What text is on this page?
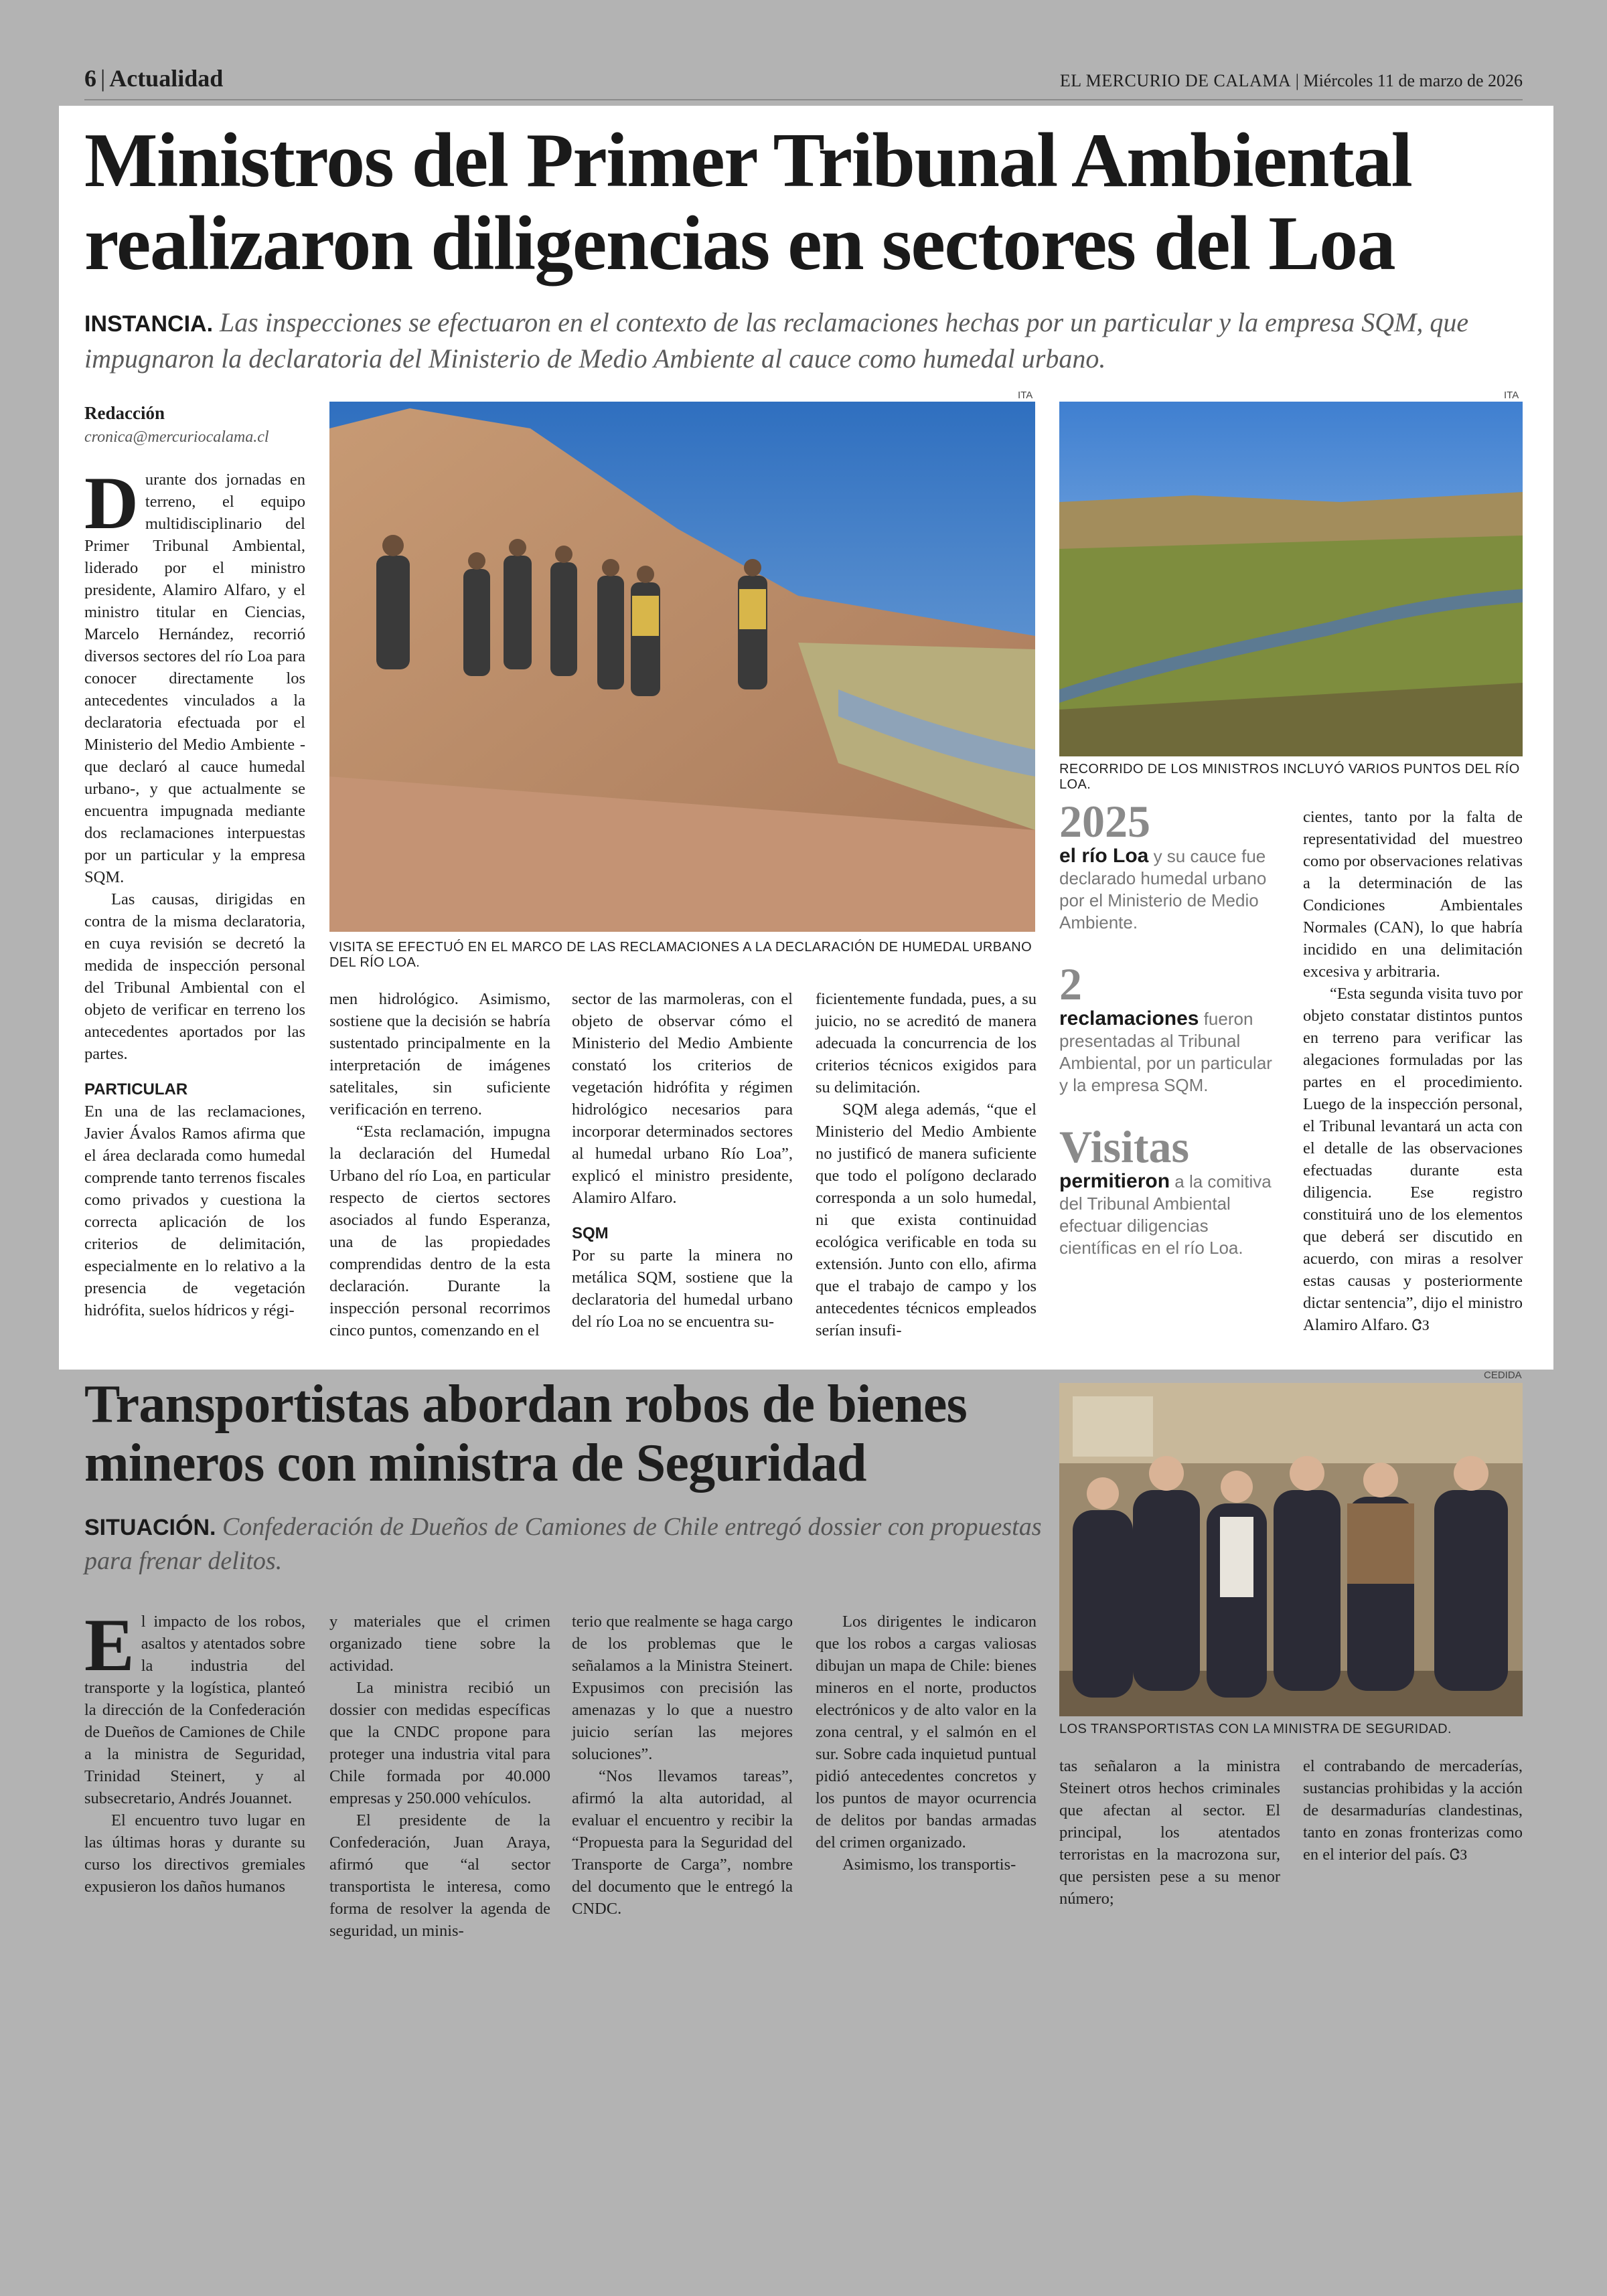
6 | Actualidad	EL MERCURIO DE CALAMA | Miércoles 11 de marzo de 2026
Ministros del Primer Tribunal Ambiental realizaron diligencias en sectores del Loa
INSTANCIA. Las inspecciones se efectuaron en el contexto de las reclamaciones hechas por un particular y la empresa SQM, que impugnaron la declaratoria del Ministerio de Medio Ambiente al cauce como humedal urbano.
Redacción
cronica@mercuriocalama.cl

Durante dos jornadas en terreno, el equipo multidisciplinario del Primer Tribunal Ambiental, liderado por el ministro presidente, Alamiro Alfaro, y el ministro titular en Ciencias, Marcelo Hernández, recorrió diversos sectores del río Loa para conocer directamente los antecedentes vinculados a la declaratoria efectuada por el Ministerio del Medio Ambiente -que declaró al cauce humedal urbano-, y que actualmente se encuentra impugnada mediante dos reclamaciones interpuestas por un particular y la empresa SQM.

Las causas, dirigidas en contra de la misma declaratoria, en cuya revisión se decretó la medida de inspección personal del Tribunal Ambiental con el objeto de verificar en terreno los antecedentes aportados por las partes.

PARTICULAR

En una de las reclamaciones, Javier Ávalos Ramos afirma que el área declarada como humedal comprende tanto terrenos fiscales como privados y cuestiona la correcta aplicación de los criterios de delimitación, especialmente en lo relativo a la presencia de vegetación hidrófita, suelos hídricos y régi-

ITA
VISITA SE EFECTUÓ EN EL MARCO DE LAS RECLAMACIONES A LA DECLARACIÓN DE HUMEDAL URBANO DEL RÍO LOA.
ITA
RECORRIDO DE LOS MINISTROS INCLUYÓ VARIOS PUNTOS DEL RÍO LOA.

men hidrológico. Asimismo, sostiene que la decisión se habría sustentado principalmente en la interpretación de imágenes satelitales, sin suficiente verificación en terreno.

“Esta reclamación, impugna la declaración del Humedal Urbano del río Loa, en particular respecto de ciertos sectores asociados al fundo Esperanza, una de las propiedades comprendidas dentro de la esta declaración. Durante la inspección personal recorrimos cinco puntos, comenzando en el

sector de las marmoleras, con el objeto de observar cómo el Ministerio del Medio Ambiente constató los criterios de vegetación hidrófita y régimen hidrológico necesarios para incorporar determinados sectores al humedal urbano Río Loa”, explicó el ministro presidente, Alamiro Alfaro.

SQM

Por su parte la minera no metálica SQM, sostiene que la declaratoria del humedal urbano del río Loa no se encuentra su-

ficientemente fundada, pues, a su juicio, no se acreditó de manera adecuada la concurrencia de los criterios técnicos exigidos para su delimitación.

SQM alega además, “que el Ministerio del Medio Ambiente no justificó de manera suficiente que todo el polígono declarado corresponda a un solo humedal, ni que exista continuidad ecológica verificable en toda su extensión. Junto con ello, afirma que el trabajo de campo y los antecedentes técnicos empleados serían insufi-

2025
el río Loa y su cauce fue declarado humedal urbano por el Ministerio de Medio Ambiente.
2
reclamaciones fueron presentadas al Tribunal Ambiental, por un particular y la empresa SQM.
Visitas
permitieron a la comitiva del Tribunal Ambiental efectuar diligencias científicas en el río Loa.

cientes, tanto por la falta de representatividad del muestreo como por observaciones relativas a la determinación de las Condiciones Ambientales Normales (CAN), lo que habría incidido en una delimitación excesiva y arbitraria.

“Esta segunda visita tuvo por objeto constatar distintos puntos en terreno para verificar las alegaciones formuladas por las partes en el procedimiento. Luego de la inspección personal, el Tribunal levantará un acta con el detalle de las observaciones efectuadas durante esta diligencia. Ese registro constituirá uno de los elementos que deberá ser discutido en acuerdo, con miras a resolver estas causas y posteriormente dictar sentencia”, dijo el ministro Alamiro Alfaro. ᏣЗ

Transportistas abordan robos de bienes mineros con ministra de Seguridad
SITUACIÓN. Confederación de Dueños de Camiones de Chile entregó dossier con propuestas para frenar delitos.

El impacto de los robos, asaltos y atentados sobre la industria del transporte y la logística, planteó la dirección de la Confederación de Dueños de Camiones de Chile a la ministra de Seguridad, Trinidad Steinert, y al subsecretario, Andrés Jouannet.

El encuentro tuvo lugar en las últimas horas y durante su curso los directivos gremiales expusieron los daños humanos

y materiales que el crimen organizado tiene sobre la actividad.

La ministra recibió un dossier con medidas específicas que la CNDC propone para proteger una industria vital para Chile formada por 40.000 empresas y 250.000 vehículos.

El presidente de la Confederación, Juan Araya, afirmó que “al sector transportista le interesa, como forma de resolver la agenda de seguridad, un minis-

terio que realmente se haga cargo de los problemas que le señalamos a la Ministra Steinert. Expusimos con precisión las amenazas y lo que a nuestro juicio serían las mejores soluciones”.

“Nos llevamos tareas”, afirmó la alta autoridad, al evaluar el encuentro y recibir la “Propuesta para la Seguridad del Transporte de Carga”, nombre del documento que le entregó la CNDC.

Los dirigentes le indicaron que los robos a cargas valiosas dibujan un mapa de Chile: bienes mineros en el norte, productos electrónicos y de alto valor en la zona central, y el salmón en el sur. Sobre cada inquietud puntual pidió antecedentes concretos y los puntos de mayor ocurrencia de delitos por bandas armadas del crimen organizado.

Asimismo, los transportis-

CEDIDA
LOS TRANSPORTISTAS CON LA MINISTRA DE SEGURIDAD.

tas señalaron a la ministra Steinert otros hechos criminales que afectan al sector. El principal, los atentados terroristas en la macrozona sur, que persisten pese a su menor número;

el contrabando de mercaderías, sustancias prohibidas y la acción de desarmadurías clandestinas, tanto en zonas fronterizas como en el interior del país. ᏣЗ
